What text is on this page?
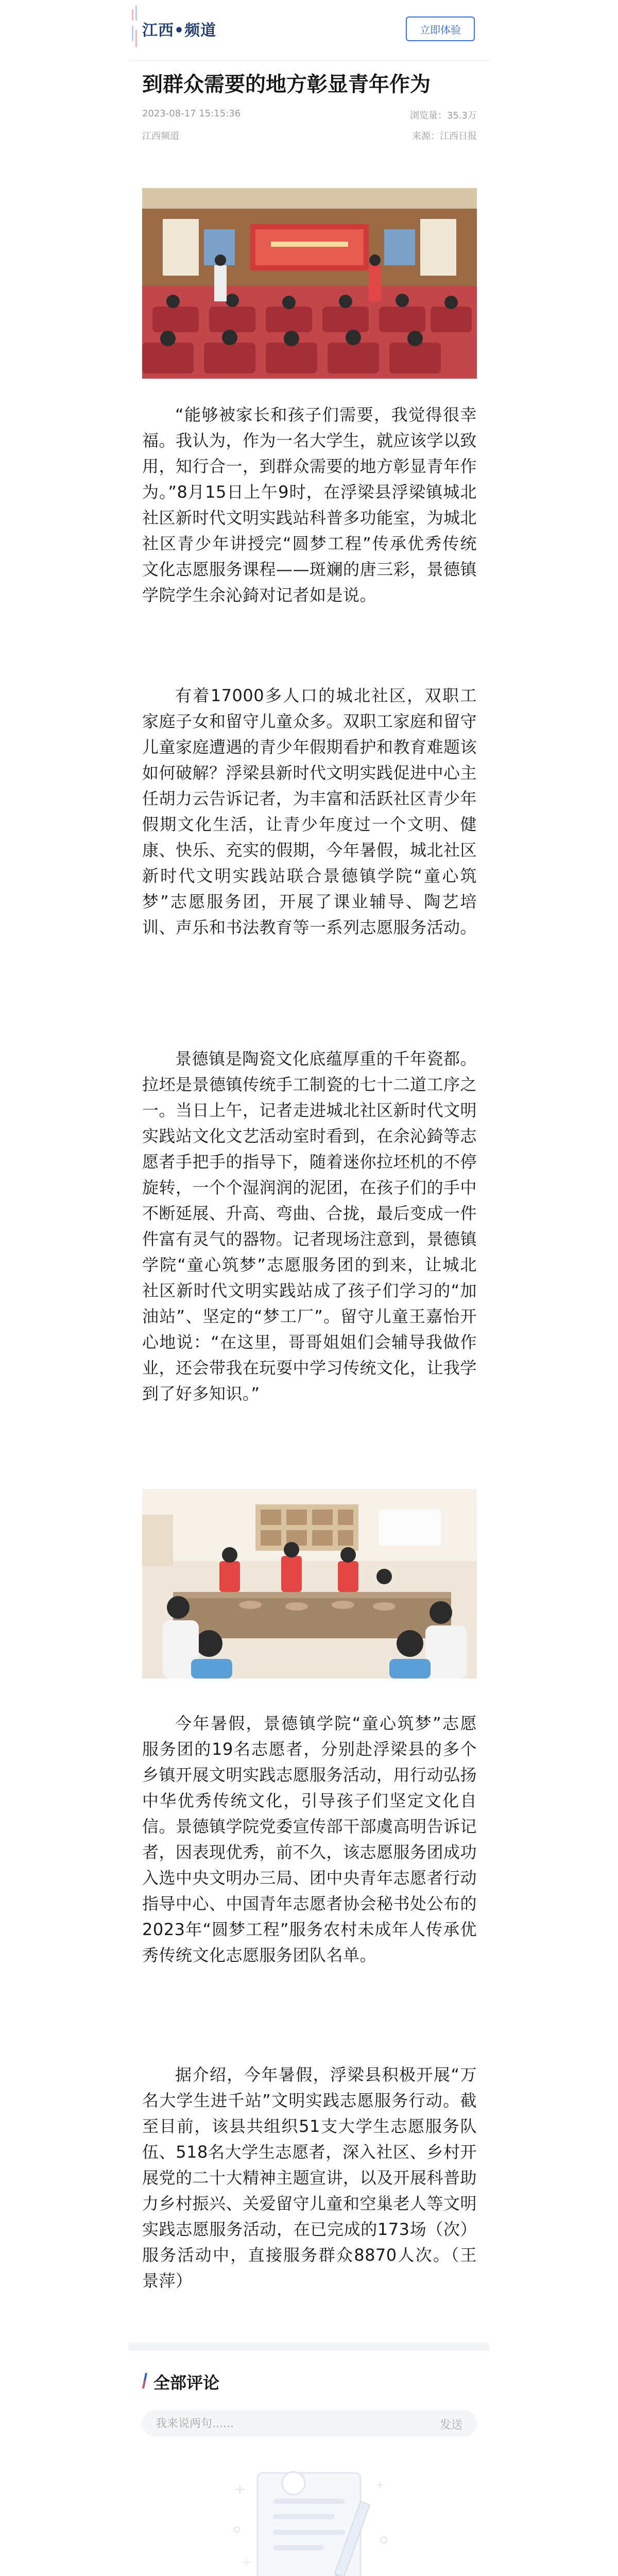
江西•频道	立即体验
到群众需要的地方彰显青年作为
2023-08-17 15:15:36	浏览量：35.3万
江西频道	来源：江西日报

“能够被家长和孩子们需要，我觉得很幸福。我认为，作为一名大学生，就应该学以致用，知行合一，到群众需要的地方彰显青年作为。”8月15日上午9时，在浮梁县浮梁镇城北社区新时代文明实践站科普多功能室，为城北社区青少年讲授完“圆梦工程”传承优秀传统文化志愿服务课程——斑斓的唐三彩，景德镇学院学生余沁錡对记者如是说。

有着17000多人口的城北社区，双职工家庭子女和留守儿童众多。双职工家庭和留守儿童家庭遭遇的青少年假期看护和教育难题该如何破解？浮梁县新时代文明实践促进中心主任胡力云告诉记者，为丰富和活跃社区青少年假期文化生活，让青少年度过一个文明、健康、快乐、充实的假期，今年暑假，城北社区新时代文明实践站联合景德镇学院“童心筑梦”志愿服务团，开展了课业辅导、陶艺培训、声乐和书法教育等一系列志愿服务活动。

景德镇是陶瓷文化底蕴厚重的千年瓷都。拉坯是景德镇传统手工制瓷的七十二道工序之一。当日上午，记者走进城北社区新时代文明实践站文化文艺活动室时看到，在余沁錡等志愿者手把手的指导下，随着迷你拉坯机的不停旋转，一个个湿润润的泥团，在孩子们的手中不断延展、升高、弯曲、合拢，最后变成一件件富有灵气的器物。记者现场注意到，景德镇学院“童心筑梦”志愿服务团的到来，让城北社区新时代文明实践站成了孩子们学习的“加油站”、坚定的“梦工厂”。留守儿童王嘉怡开心地说：“在这里，哥哥姐姐们会辅导我做作业，还会带我在玩耍中学习传统文化，让我学到了好多知识。”

今年暑假，景德镇学院“童心筑梦”志愿服务团的19名志愿者，分别赴浮梁县的多个乡镇开展文明实践志愿服务活动，用行动弘扬中华优秀传统文化，引导孩子们坚定文化自信。景德镇学院党委宣传部干部虞高明告诉记者，因表现优秀，前不久，该志愿服务团成功入选中央文明办三局、团中央青年志愿者行动指导中心、中国青年志愿者协会秘书处公布的2023年“圆梦工程”服务农村未成年人传承优秀传统文化志愿服务团队名单。

据介绍，今年暑假，浮梁县积极开展“万名大学生进千站”文明实践志愿服务行动。截至目前，该县共组织51支大学生志愿服务队伍、518名大学生志愿者，深入社区、乡村开展党的二十大精神主题宣讲，以及开展科普助力乡村振兴、关爱留守儿童和空巢老人等文明实践志愿服务活动，在已完成的173场（次）服务活动中，直接服务群众8870人次。（王景萍）

全部评论
我来说两句......
发送
+	+
+
